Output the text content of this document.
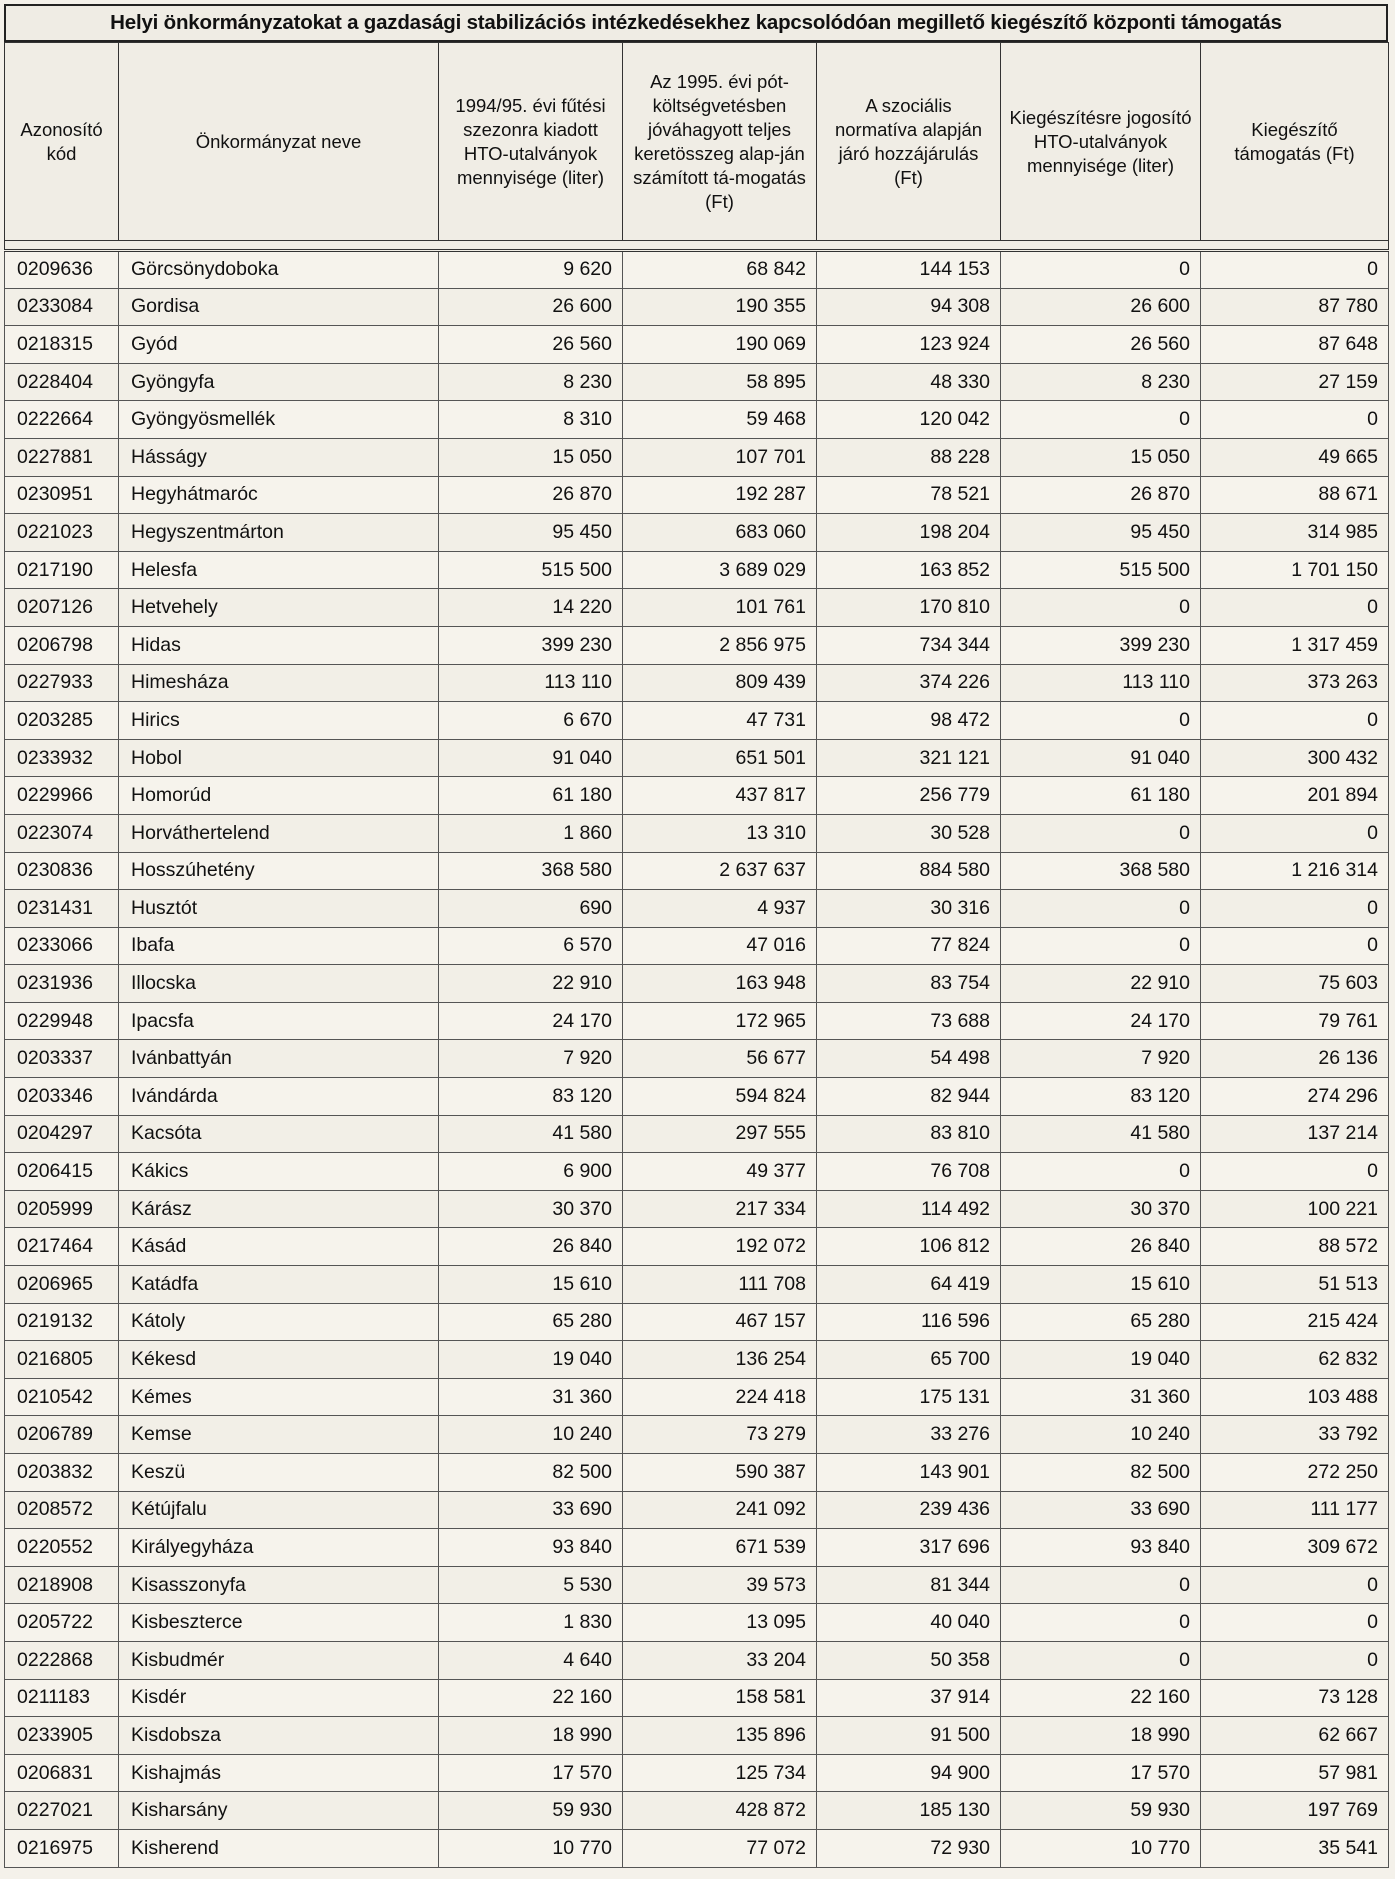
Helyi önkormányzatokat a gazdasági stabilizációs intézkedésekhez kapcsolódóan megillető kiegészítő központi támogatás
Azonosító kód	Önkormányzat neve	1994/95. évi fűtési szezonra kiadott HTO-utalványok mennyisége (liter)	Az 1995. évi pót-költségvetésben jóváhagyott teljes keretösszeg alap-ján számított tá-mogatás (Ft)	A szociális normatíva alapján járó hozzájárulás (Ft)	Kiegészítésre jogosító HTO-utalványok mennyisége (liter)	Kiegészítő támogatás (Ft)

0209636	Görcsönydoboka	9 620	68 842	144 153	0	0
0233084	Gordisa	26 600	190 355	94 308	26 600	87 780
0218315	Gyód	26 560	190 069	123 924	26 560	87 648
0228404	Gyöngyfa	8 230	58 895	48 330	8 230	27 159
0222664	Gyöngyösmellék	8 310	59 468	120 042	0	0
0227881	Hásságy	15 050	107 701	88 228	15 050	49 665
0230951	Hegyhátmaróc	26 870	192 287	78 521	26 870	88 671
0221023	Hegyszentmárton	95 450	683 060	198 204	95 450	314 985
0217190	Helesfa	515 500	3 689 029	163 852	515 500	1 701 150
0207126	Hetvehely	14 220	101 761	170 810	0	0
0206798	Hidas	399 230	2 856 975	734 344	399 230	1 317 459
0227933	Himesháza	113 110	809 439	374 226	113 110	373 263
0203285	Hirics	6 670	47 731	98 472	0	0
0233932	Hobol	91 040	651 501	321 121	91 040	300 432
0229966	Homorúd	61 180	437 817	256 779	61 180	201 894
0223074	Horváthertelend	1 860	13 310	30 528	0	0
0230836	Hosszúhetény	368 580	2 637 637	884 580	368 580	1 216 314
0231431	Husztót	690	4 937	30 316	0	0
0233066	Ibafa	6 570	47 016	77 824	0	0
0231936	Illocska	22 910	163 948	83 754	22 910	75 603
0229948	Ipacsfa	24 170	172 965	73 688	24 170	79 761
0203337	Ivánbattyán	7 920	56 677	54 498	7 920	26 136
0203346	Ivándárda	83 120	594 824	82 944	83 120	274 296
0204297	Kacsóta	41 580	297 555	83 810	41 580	137 214
0206415	Kákics	6 900	49 377	76 708	0	0
0205999	Kárász	30 370	217 334	114 492	30 370	100 221
0217464	Kásád	26 840	192 072	106 812	26 840	88 572
0206965	Katádfa	15 610	111 708	64 419	15 610	51 513
0219132	Kátoly	65 280	467 157	116 596	65 280	215 424
0216805	Kékesd	19 040	136 254	65 700	19 040	62 832
0210542	Kémes	31 360	224 418	175 131	31 360	103 488
0206789	Kemse	10 240	73 279	33 276	10 240	33 792
0203832	Keszü	82 500	590 387	143 901	82 500	272 250
0208572	Kétújfalu	33 690	241 092	239 436	33 690	111 177
0220552	Királyegyháza	93 840	671 539	317 696	93 840	309 672
0218908	Kisasszonyfa	5 530	39 573	81 344	0	0
0205722	Kisbeszterce	1 830	13 095	40 040	0	0
0222868	Kisbudmér	4 640	33 204	50 358	0	0
0211183	Kisdér	22 160	158 581	37 914	22 160	73 128
0233905	Kisdobsza	18 990	135 896	91 500	18 990	62 667
0206831	Kishajmás	17 570	125 734	94 900	17 570	57 981
0227021	Kisharsány	59 930	428 872	185 130	59 930	197 769
0216975	Kisherend	10 770	77 072	72 930	10 770	35 541
